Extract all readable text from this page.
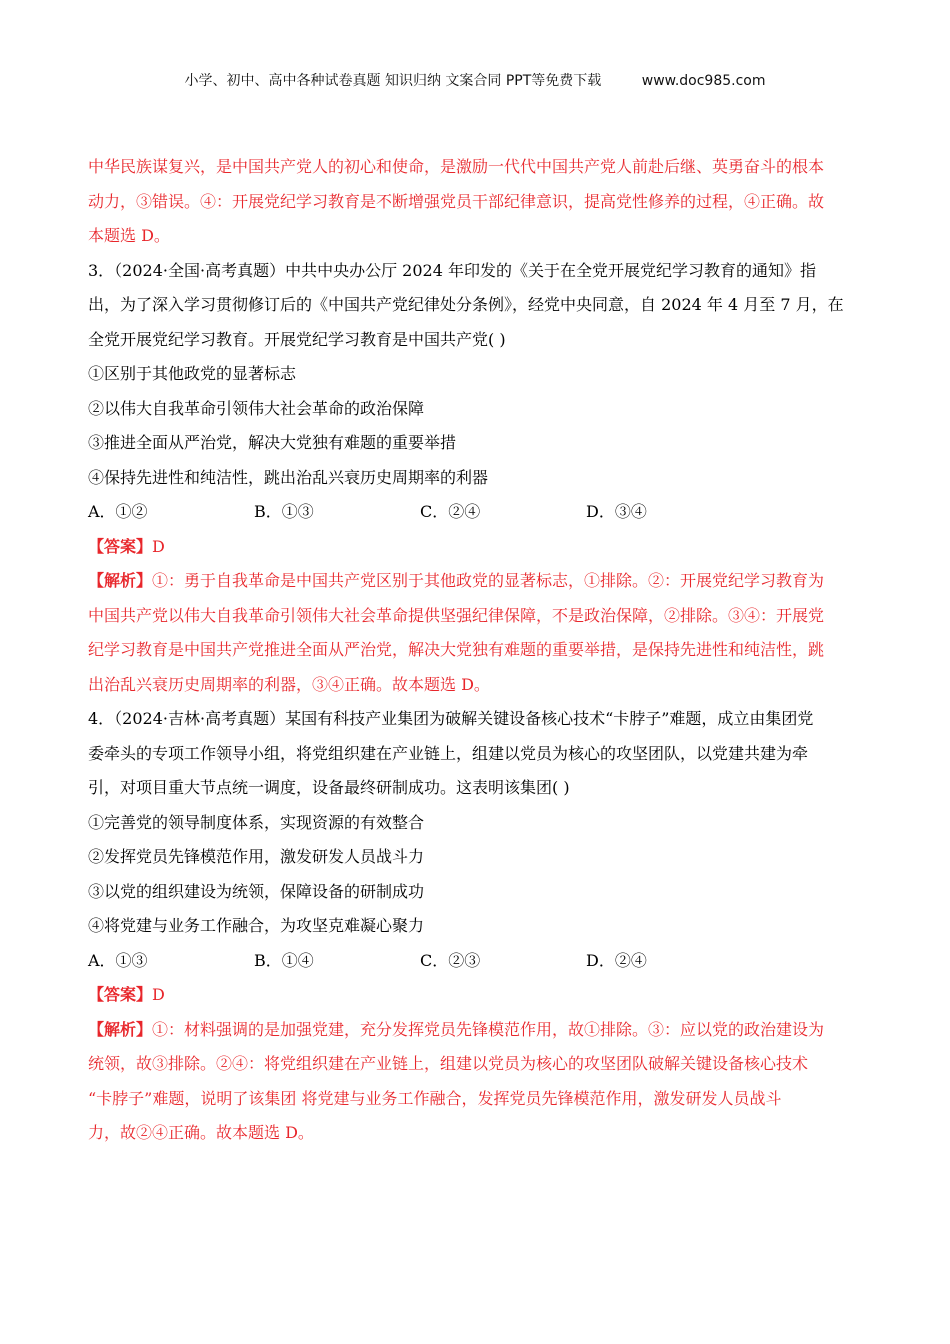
小学、初中、高中各种试卷真题 知识归纳 文案合同 PPT等免费下载	www.doc985.com
中华民族谋复兴，是中国共产党人的初心和使命，是激励一代代中国共产党人前赴后继、英勇奋斗的根本
动力，③错误。④：开展党纪学习教育是不断增强党员干部纪律意识，提高党性修养的过程，④正确。故
本题选 D。
3．（2024·全国·高考真题）中共中央办公厅 2024 年印发的《关于在全党开展党纪学习教育的通知》指
出，为了深入学习贯彻修订后的《中国共产党纪律处分条例》，经党中央同意，自 2024 年 4 月至 7 月，在
全党开展党纪学习教育。开展党纪学习教育是中国共产党( )
①区别于其他政党的显著标志
②以伟大自我革命引领伟大社会革命的政治保障
③推进全面从严治党，解决大党独有难题的重要举措
④保持先进性和纯洁性，跳出治乱兴衰历史周期率的利器
A．①②	B．①③	C．②④	D．③④
【答案】D
【解析】①：勇于自我革命是中国共产党区别于其他政党的显著标志，①排除。②：开展党纪学习教育为
中国共产党以伟大自我革命引领伟大社会革命提供坚强纪律保障，不是政治保障，②排除。③④：开展党
纪学习教育是中国共产党推进全面从严治党，解决大党独有难题的重要举措，是保持先进性和纯洁性，跳
出治乱兴衰历史周期率的利器，③④正确。故本题选 D。
4．（2024·吉林·高考真题）某国有科技产业集团为破解关键设备核心技术“卡脖子”难题，成立由集团党
委牵头的专项工作领导小组，将党组织建在产业链上，组建以党员为核心的攻坚团队，以党建共建为牵
引，对项目重大节点统一调度，设备最终研制成功。这表明该集团( )
①完善党的领导制度体系，实现资源的有效整合
②发挥党员先锋模范作用，激发研发人员战斗力
③以党的组织建设为统领，保障设备的研制成功
④将党建与业务工作融合，为攻坚克难凝心聚力
A．①③	B．①④	C．②③	D．②④
【答案】D
【解析】①：材料强调的是加强党建，充分发挥党员先锋模范作用，故①排除。③：应以党的政治建设为
统领，故③排除。②④：将党组织建在产业链上，组建以党员为核心的攻坚团队破解关键设备核心技术
“卡脖子”难题，说明了该集团 将党建与业务工作融合，发挥党员先锋模范作用，激发研发人员战斗
力，故②④正确。故本题选 D。
